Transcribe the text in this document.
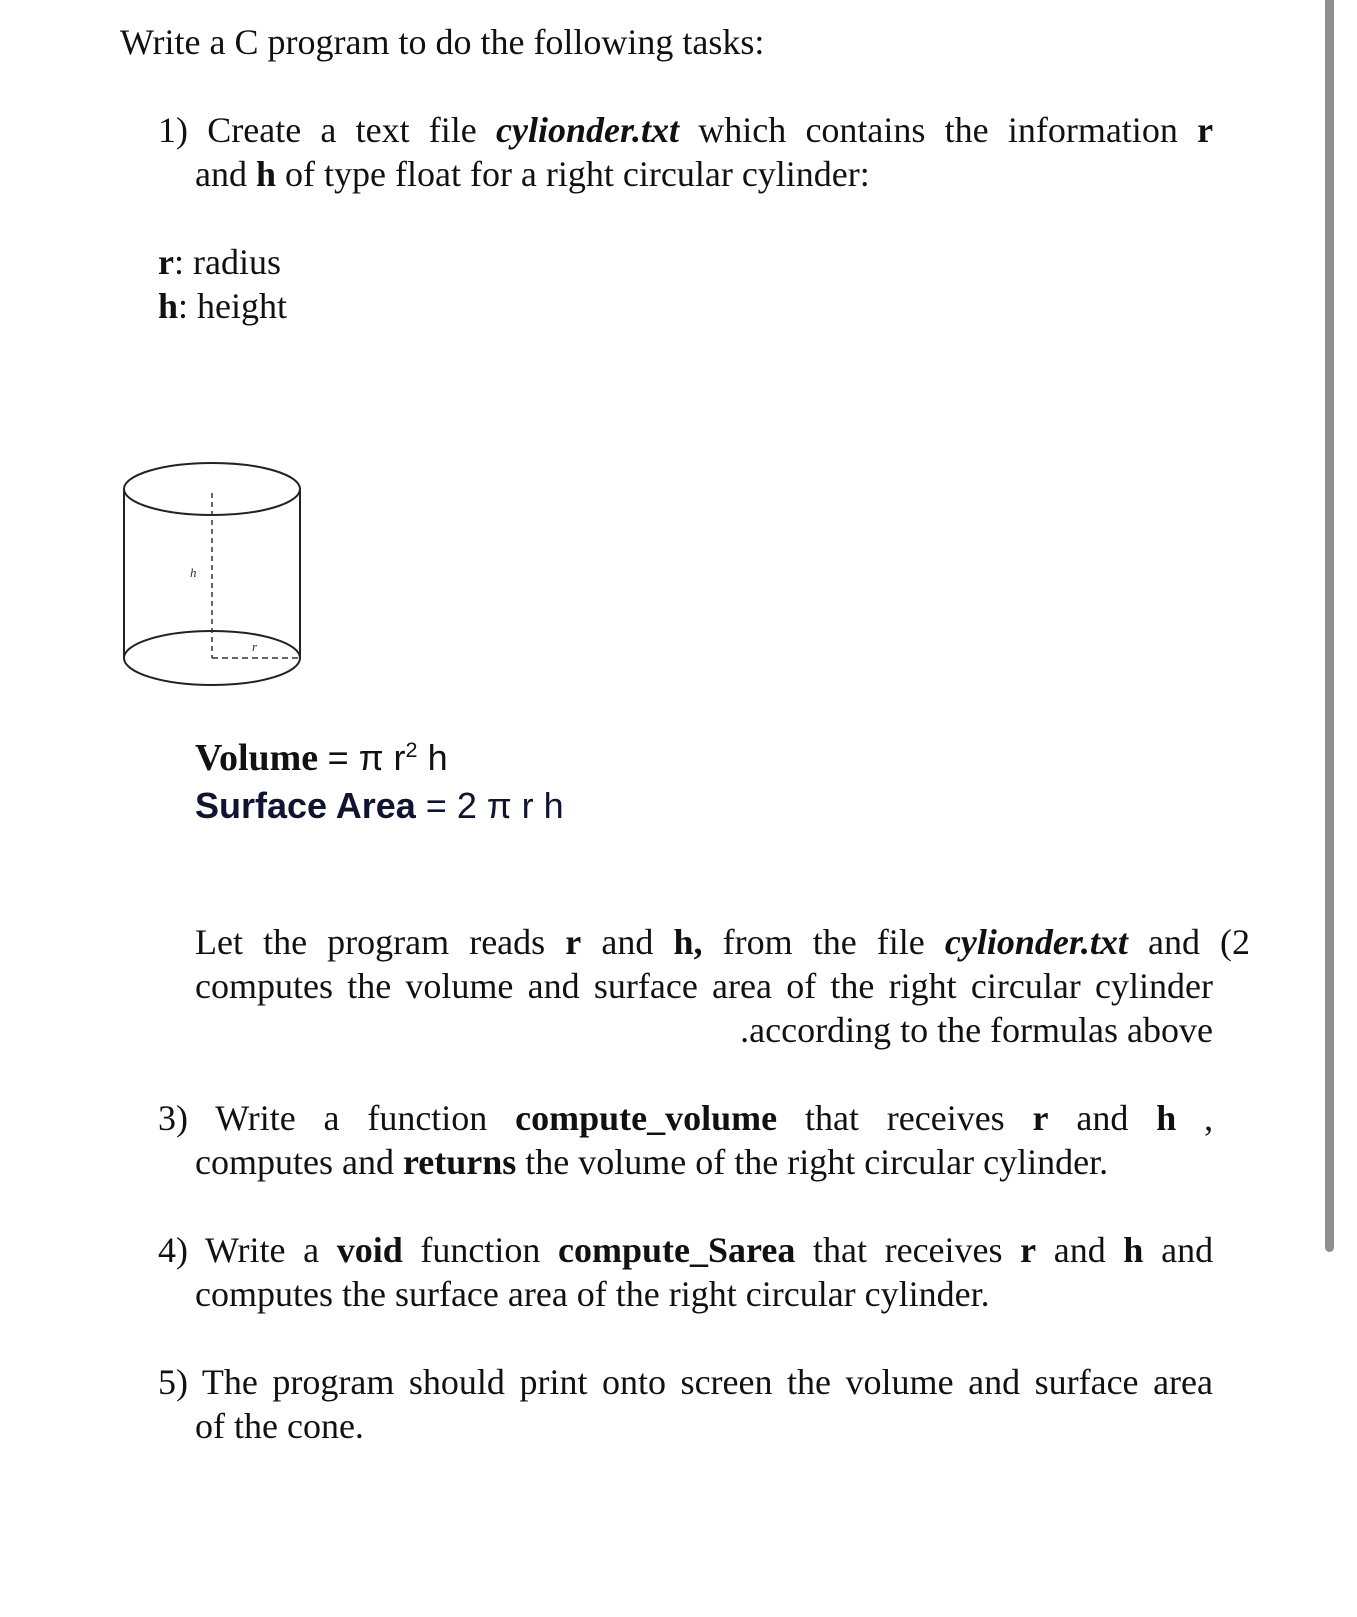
Write a C program to do the following tasks:
1) Create a text file cylionder.txt which contains the information r
and h of type float for a right circular cylinder:
r: radius
h: height
h
r
Volume = π $r^2$ h
Surface Area = 2 π r h
Let the program reads r and h, from the file cylionder.txt and (2
computes the volume and surface area of the right circular cylinder
.according to the formulas above
3) Write a function compute_volume that receives r and h ,
computes and returns the volume of the right circular cylinder.
4) Write a void function compute_Sarea that receives r and h and
computes the surface area of the right circular cylinder.
5) The program should print onto screen the volume and surface area
of the cone.
